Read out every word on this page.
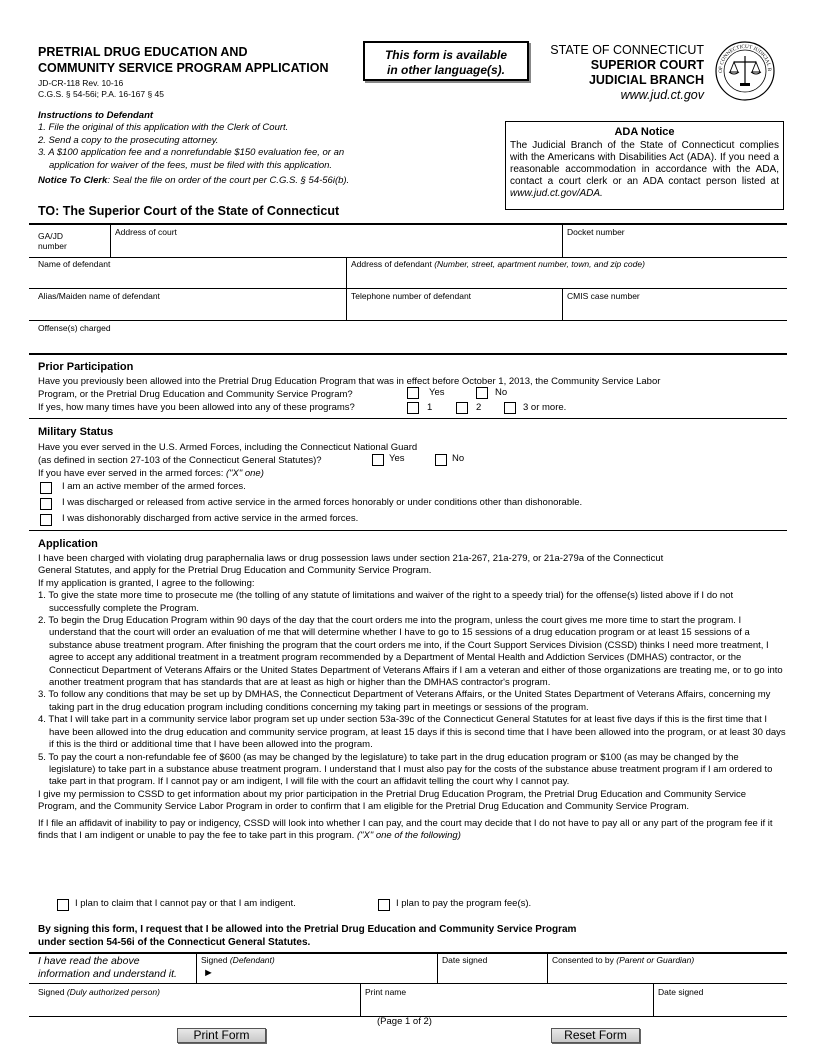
PRETRIAL DRUG EDUCATION AND
COMMUNITY SERVICE PROGRAM APPLICATION
JD-CR-118 Rev. 10-16
C.G.S. § 54-56i; P.A. 16-167 § 45
This form is available
in other language(s).
STATE OF CONNECTICUT
SUPERIOR COURT
JUDICIAL BRANCH
www.jud.ct.gov
OF CONNECTICUT JUDICIAL B
Instructions to Defendant
1. File the original of this application with the Clerk of Court.
2. Send a copy to the prosecuting attorney.
3. A $100 application fee and a nonrefundable $150 evaluation fee, or an
application for waiver of the fees, must be filed with this application.
Notice To Clerk: Seal the file on order of the court per C.G.S. § 54-56i(b).
ADA Notice
The Judicial Branch of the State of Connecticut complies with the Americans with Disabilities Act (ADA). If you need a reasonable accommodation in accordance with the ADA, contact a court clerk or an ADA contact person listed at www.jud.ct.gov/ADA.
TO: The Superior Court of the State of Connecticut
GA/JD
number
Address of court	Docket number
Name of defendant	Address of defendant (Number, street, apartment number, town, and zip code)
Alias/Maiden name of defendant	Telephone number of defendant	CMIS case number
Offense(s) charged
Prior Participation
Have you previously been allowed into the Pretrial Drug Education Program that was in effect before October 1, 2013, the Community Service Labor
Program, or the Pretrial Drug Education and Community Service Program?	Yes	No
If yes, how many times have you been allowed into any of these programs?	1	2	3 or more.
Military Status
Have you ever served in the U.S. Armed Forces, including the Connecticut National Guard
(as defined in section 27-103 of the Connecticut General Statutes)?	Yes	No
If you have ever served in the armed forces: ("X" one)
I am an active member of the armed forces.
I was discharged or released from active service in the armed forces honorably or under conditions other than dishonorable.
I was dishonorably discharged from active service in the armed forces.
Application
I have been charged with violating drug paraphernalia laws or drug possession laws under section 21a-267, 21a-279, or 21a-279a of the Connecticut
General Statutes, and apply for the Pretrial Drug Education and Community Service Program.
If my application is granted, I agree to the following:
1. To give the state more time to prosecute me (the tolling of any statute of limitations and waiver of the right to a speedy trial) for the offense(s) listed above if I do not successfully complete the Program.
2. To begin the Drug Education Program within 90 days of the day that the court orders me into the program, unless the court gives me more time to start the program. I understand that the court will order an evaluation of me that will determine whether I have to go to 15 sessions of a drug education program or at least 15 sessions of a substance abuse treatment program. After finishing the program that the court orders me into, if the Court Support Services Division (CSSD) thinks I need more treatment, I agree to accept any additional treatment in a treatment program recommended by a Department of Mental Health and Addiction Services (DMHAS) contractor, or the Connecticut Department of Veterans Affairs or the United States Department of Veterans Affairs if I am a veteran and either of those organizations are treating me, or to go into another treatment program that has standards that are at least as high or higher than the DMHAS contractor's program.
3. To follow any conditions that may be set up by DMHAS, the Connecticut Department of Veterans Affairs, or the United States Department of Veterans Affairs, concerning my taking part in the drug education program including conditions concerning my taking part in meetings or sessions of the program.
4. That I will take part in a community service labor program set up under section 53a-39c of the Connecticut General Statutes for at least five days if this is the first time that I have been allowed into the drug education and community service program, at least 15 days if this is second time that I have been allowed into the program, or at least 30 days if this is the third or additional time that I have been allowed into the program.
5. To pay the court a non-refundable fee of $600 (as may be changed by the legislature) to take part in the drug education program or $100 (as may be changed by the legislature) to take part in a substance abuse treatment program. I understand that I must also pay for the costs of the substance abuse treatment program if I am ordered to take part in that program. If I cannot pay or am indigent, I will file with the court an affidavit telling the court why I cannot pay.
I give my permission to CSSD to get information about my prior participation in the Pretrial Drug Education Program, the Pretrial Drug Education and Community Service Program, and the Community Service Labor Program in order to confirm that I am eligible for the Pretrial Drug Education and Community Service Program.
If I file an affidavit of inability to pay or indigency, CSSD will look into whether I can pay, and the court may decide that I do not have to pay all or any part of the program fee if it finds that I am indigent or unable to pay the fee to take part in this program. ("X" one of the following)
I plan to claim that I cannot pay or that I am indigent.	I plan to pay the program fee(s).
By signing this form, I request that I be allowed into the Pretrial Drug Education and Community Service Program
under section 54-56i of the Connecticut General Statutes.
I have read the above
information and understand it.
Signed (Defendant)
►
Date signed	Consented to by (Parent or Guardian)
Signed (Duly authorized person)	Print name	Date signed
(Page 1 of 2)
Print Form	Reset Form
